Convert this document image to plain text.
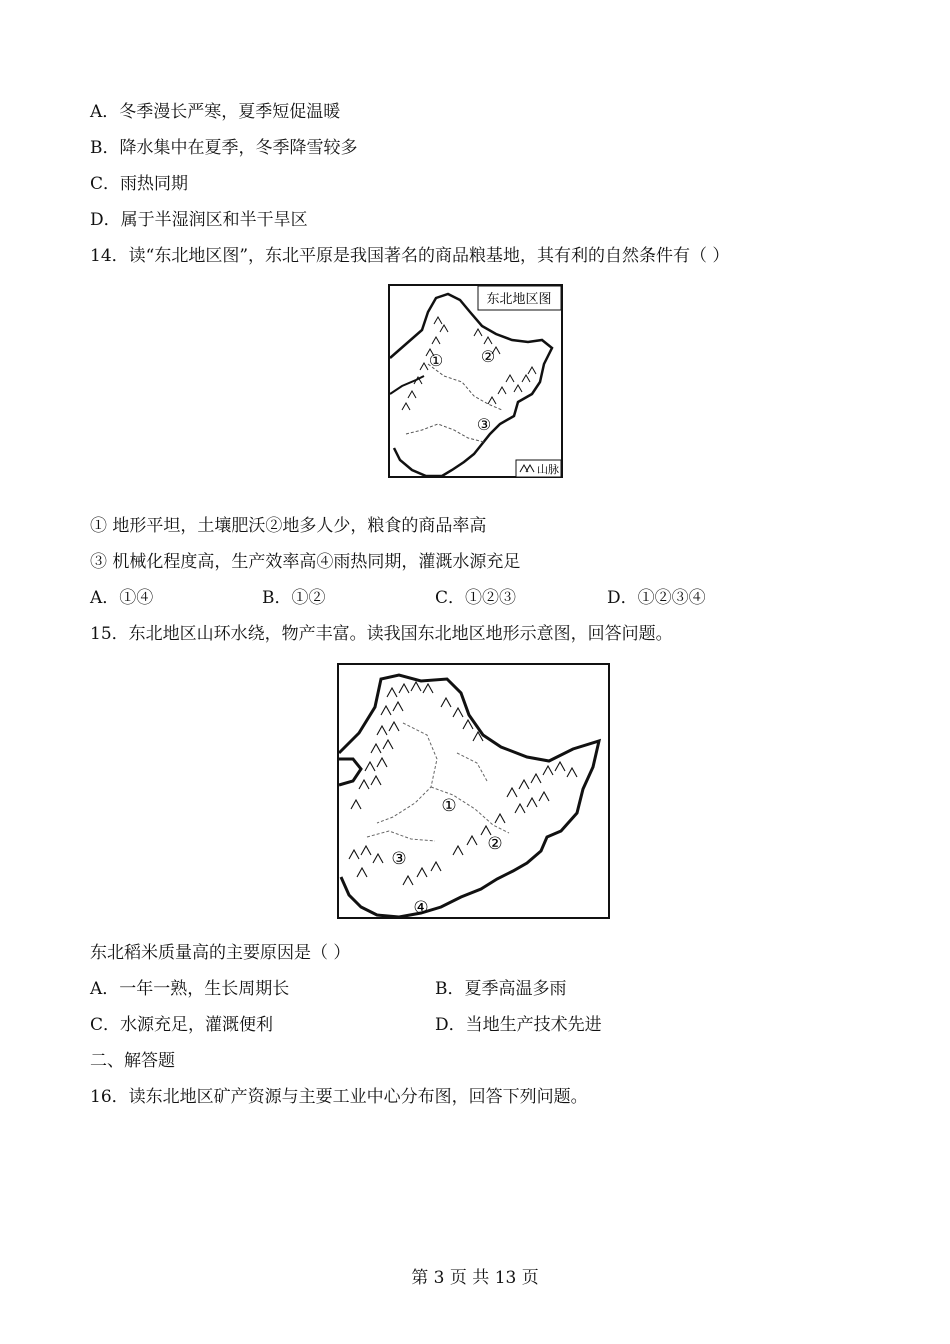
A．冬季漫长严寒，夏季短促温暖
B．降水集中在夏季，冬季降雪较多
C．雨热同期
D．属于半湿润区和半干旱区
14．读“东北地区图”，东北平原是我国著名的商品粮基地，其有利的自然条件有（ ）
东北地区图
① ②
③
山脉
① 地形平坦，土壤肥沃②地多人少，粮食的商品率高
③ 机械化程度高，生产效率高④雨热同期，灌溉水源充足
A．①④	B．①②	C．①②③	D．①②③④
15．东北地区山环水绕，物产丰富。读我国东北地区地形示意图，回答问题。
①
②
③
④
东北稻米质量高的主要原因是（ ）
A．一年一熟，生长周期长	B．夏季高温多雨
C．水源充足，灌溉便利	D．当地生产技术先进
二、解答题
16．读东北地区矿产资源与主要工业中心分布图，回答下列问题。
第 3 页 共 13 页
